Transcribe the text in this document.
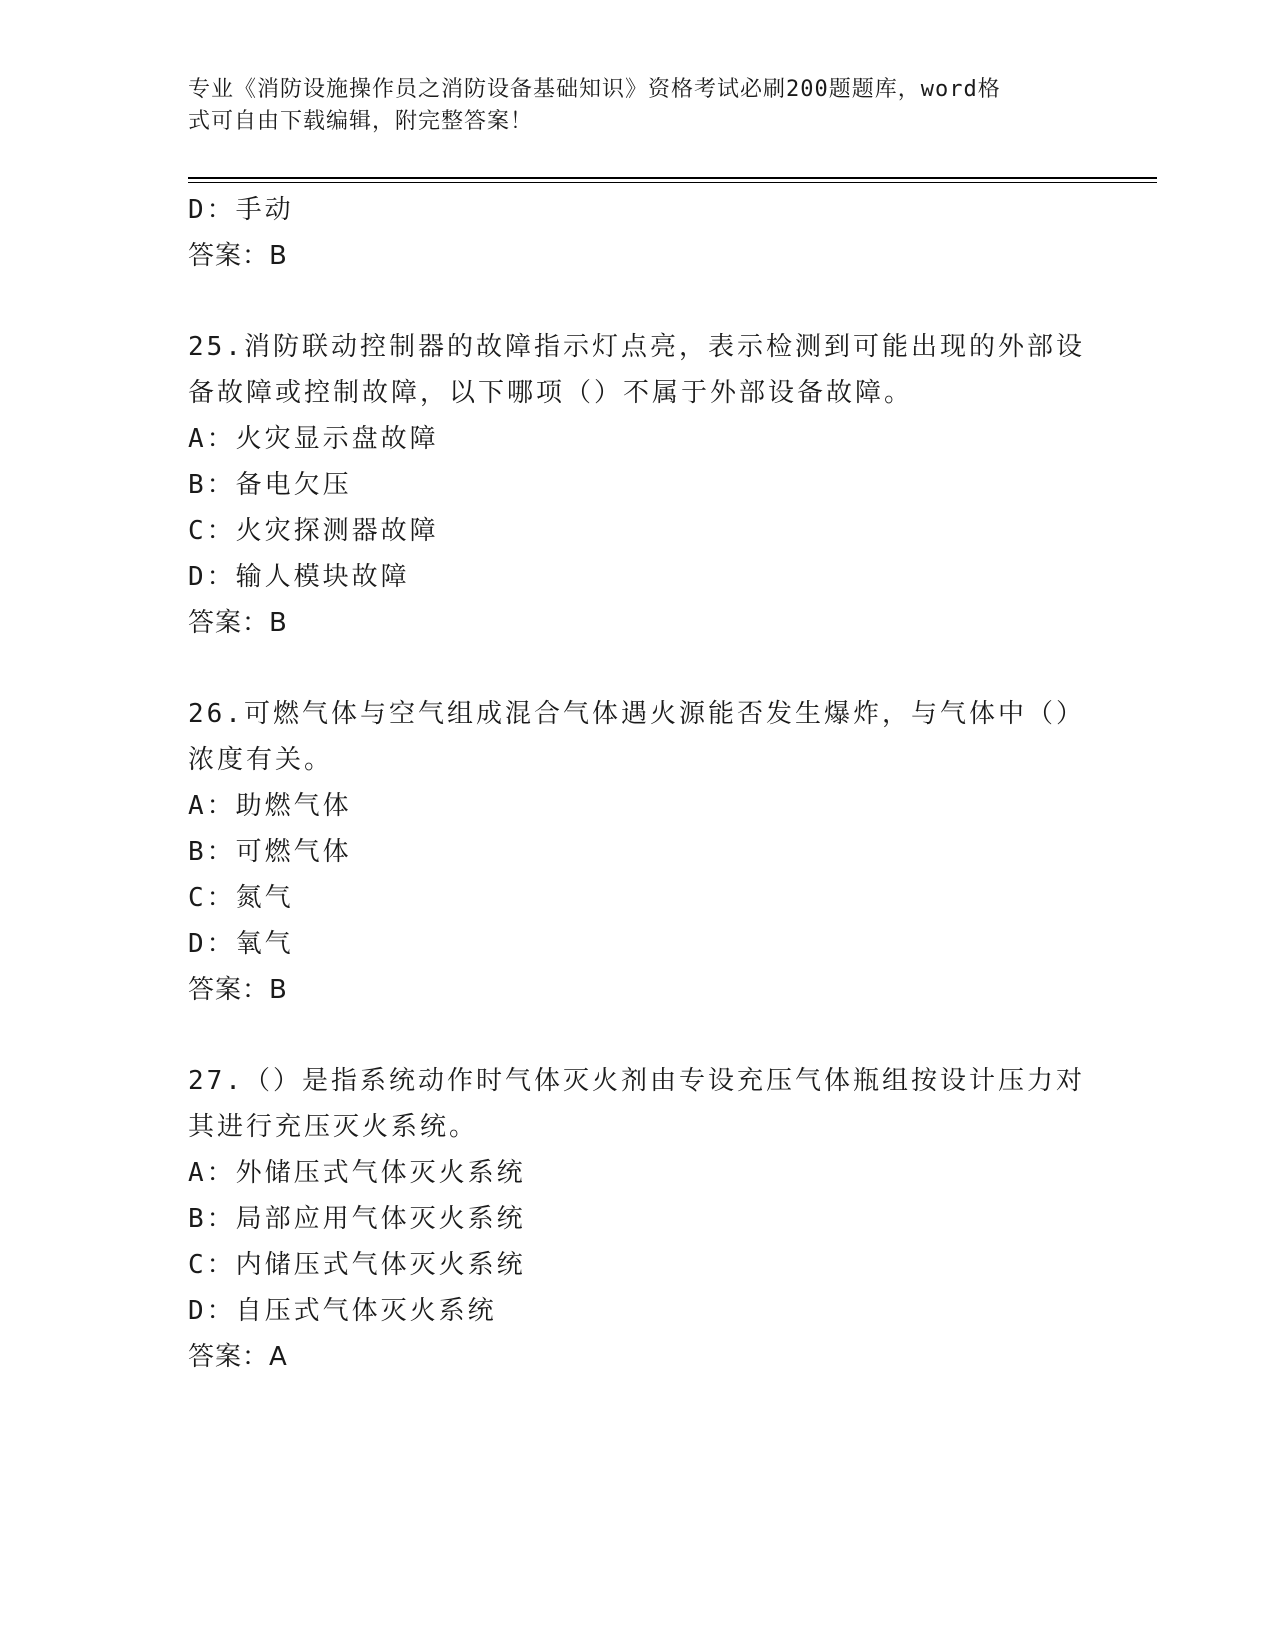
专业《消防设施操作员之消防设备基础知识》资格考试必刷200题题库，word格
式可自由下载编辑，附完整答案！
D：手动
答案：B
25.消防联动控制器的故障指示灯点亮，表示检测到可能出现的外部设
备故障或控制故障，以下哪项（）不属于外部设备故障。
A：火灾显示盘故障
B：备电欠压
C：火灾探测器故障
D：输人模块故障
答案：B
26.可燃气体与空气组成混合气体遇火源能否发生爆炸，与气体中（）
浓度有关。
A：助燃气体
B：可燃气体
C：氮气
D：氧气
答案：B
27.（）是指系统动作时气体灭火剂由专设充压气体瓶组按设计压力对
其进行充压灭火系统。
A：外储压式气体灭火系统
B：局部应用气体灭火系统
C：内储压式气体灭火系统
D：自压式气体灭火系统
答案：A
